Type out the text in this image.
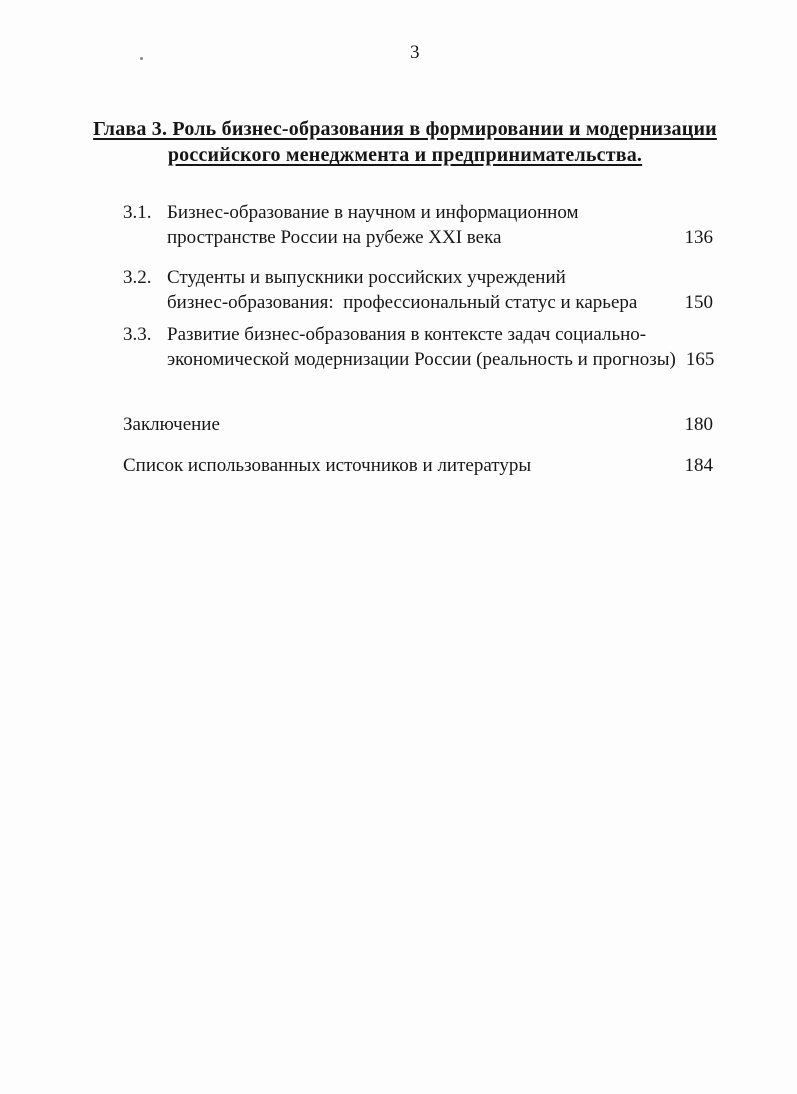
3
Глава 3. Роль бизнес-образования в формировании и модернизации
российского менеджмента и предпринимательства.
3.1. Бизнес-образование в научном и информационном
пространстве России на рубеже XXI века	136
3.2. Студенты и выпускники российских учреждений
бизнес-образования:  профессиональный статус и карьера	150
3.3. Развитие бизнес-образования в контексте задач социально-
экономической модернизации России (реальность и прогнозы) 165
Заключение	180
Список использованных источников и литературы	184
